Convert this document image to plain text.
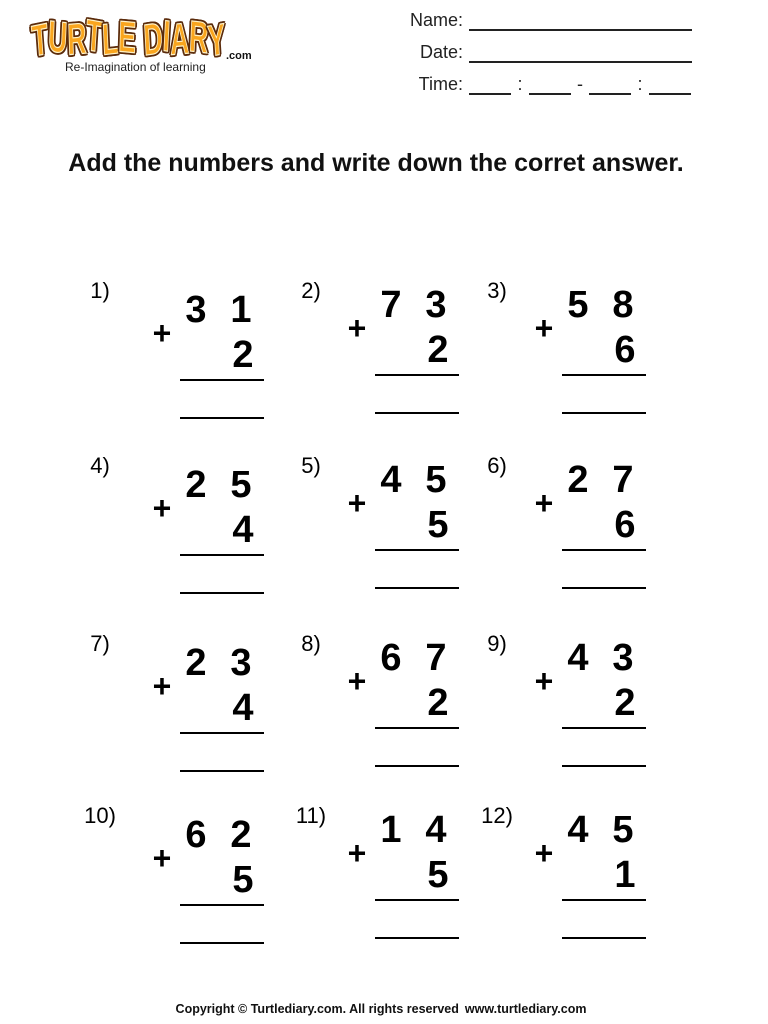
TURTLE DIARY
.com
Re-Imagination of learning
Name:
Date:
Time:	:	-	:
Add the numbers and write down the corret answer.
1)
+
3 1
2
2)
+
7 3
2
3)
+
5 8
6
4)
+
2 5
4
5)
+
4 5
5
6)
+
2 7
6
7)
+
2 3
4
8)
+
6 7
2
9)
+
4 3
2
10)
+
6 2
5
11)
+
1 4
5
12)
+
4 5
1
Copyright © Turtlediary.com. All rights reserved www.turtlediary.com
